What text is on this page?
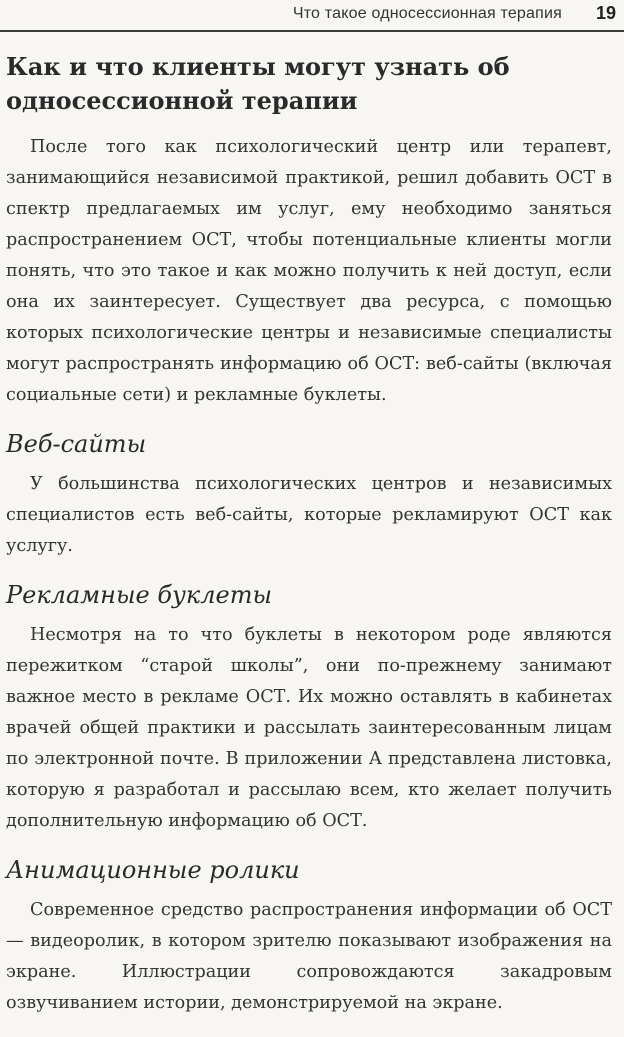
Что такое односессионная терапия 19
Как и что клиенты могут узнать об односессионной терапии

После того как психологический центр или терапевт, занимающийся независимой практикой, решил добавить ОСТ в спектр предлагаемых им услуг, ему необходимо заняться распространением ОСТ, чтобы потенциальные клиенты могли понять, что это такое и как можно получить к ней доступ, если она их заинтересует. Существует два ресурса, с помощью которых психологические центры и независимые специалисты могут распространять информацию об ОСТ: веб-сайты (включая социальные сети) и рекламные буклеты.

Веб-сайты

У большинства психологических центров и независимых специалистов есть веб-сайты, которые рекламируют ОСТ как услугу.

Рекламные буклеты

Несмотря на то что буклеты в некотором роде являются пережитком “старой школы”, они по-прежнему занимают важное место в рекламе ОСТ. Их можно оставлять в кабинетах врачей общей практики и рассылать заинтересованным лицам по электронной почте. В приложении А представлена листовка, которую я разработал и рассылаю всем, кто желает получить дополнительную информацию об ОСТ.

Анимационные ролики

Современное средство распространения информации об ОСТ — видеоролик, в котором зрителю показывают изображения на экране. Иллюстрации сопровождаются закадровым озвучиванием истории, демонстрируемой на экране.
